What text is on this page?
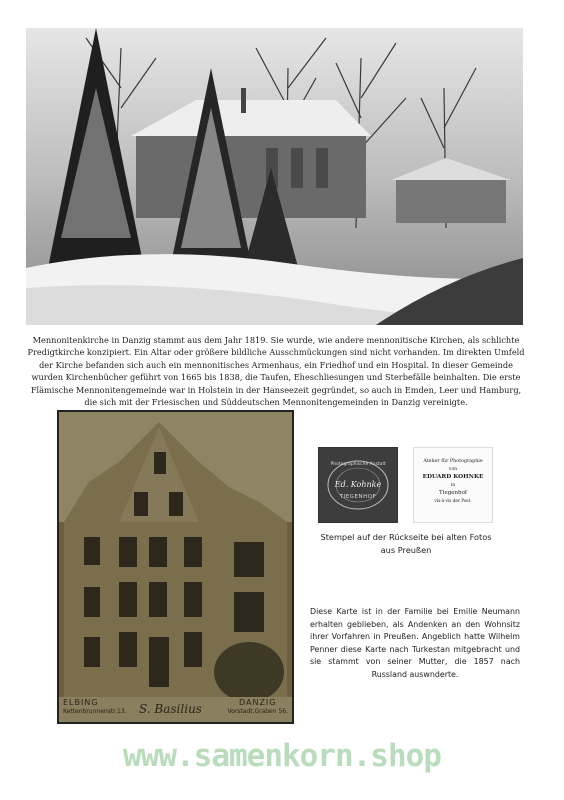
Mennonitenkirche in Danzig stammt aus dem Jahr 1819. Sie wurde, wie andere mennonitische Kirchen, als schlichte Predigtkirche konzipiert. Ein Altar oder größere bildliche Ausschmückungen sind nicht vorhanden. Im direkten Umfeld der Kirche befanden sich auch ein mennonitisches Armenhaus, ein Friedhof und ein Hospital. In dieser Gemeinde wurden Kirchenbücher geführt von 1665 bis 1838, die Taufen, Eheschliesungen und Sterbefälle beinhalten. Die erste Flämische Mennonitengemeinde war in Holstein in der Hanseezeit gegründet, so auch in Emden, Leer und Hamburg, die sich mit der Friesischen und Süddeutschen Mennonitengemeinden in Danzig vereinigte.
ELBING
Kettenbrunnenstr.13. S. Basilius	DANZIG
Vorstadt.Graben 56.
Photographische Anstalt
Ed. Kohnke
TIEGENHOF
Atelier für Photographie
von
EDUARD KOHNKE
in
Tiegenhof
vis-à-vis der Post.
Stempel auf der Rückseite bei alten Fotos aus Preußen
Diese Karte ist in der Familie bei Emilie Neumann erhalten geblieben, als Andenken an den Wohnsitz ihrer Vorfahren in Preußen. Angeblich hatte Wilhelm Penner diese Karte nach Turkestan mitgebracht und sie stammt von seiner Mutter, die 1857 nach Russland auswnderte.
www.samenkorn.shop
